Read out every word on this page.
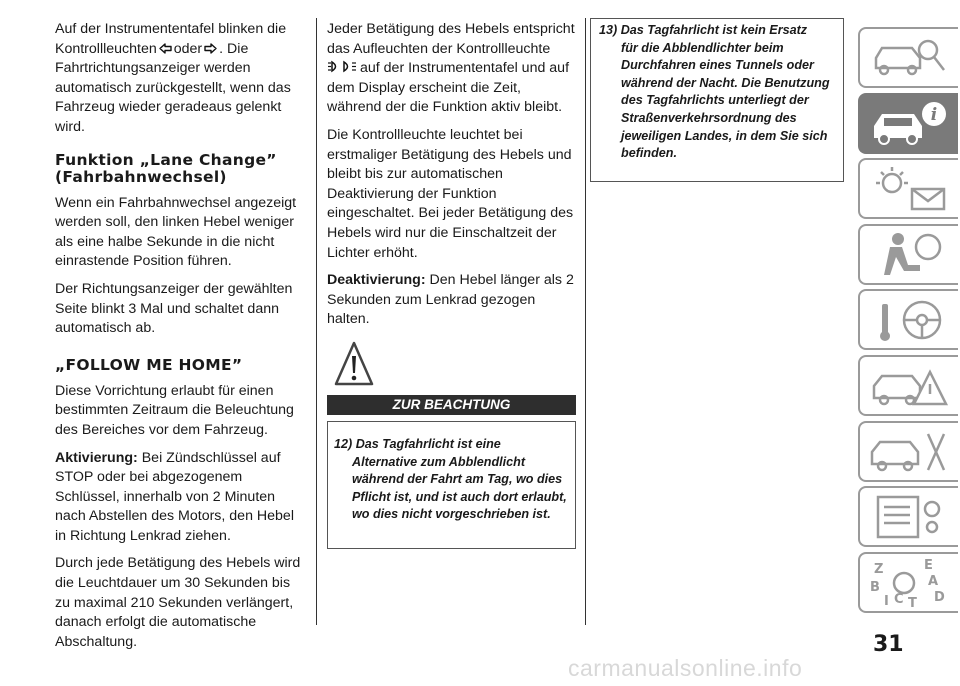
Auf der Instrumententafel blinken die Kontrollleuchten oder . Die Fahrtrichtungsanzeiger werden automatisch zurückgestellt, wenn das Fahrzeug wieder geradeaus gelenkt wird.

Funktion „Lane Change”
(Fahrbahnwechsel)

Wenn ein Fahrbahnwechsel angezeigt werden soll, den linken Hebel weniger als eine halbe Sekunde in die nicht einrastende Position führen.

Der Richtungsanzeiger der gewählten Seite blinkt 3 Mal und schaltet dann automatisch ab.

„FOLLOW ME HOME”

Diese Vorrichtung erlaubt für einen bestimmten Zeitraum die Beleuchtung des Bereiches vor dem Fahrzeug.

Aktivierung: Bei Zündschlüssel auf STOP oder bei abgezogenem Schlüssel, innerhalb von 2 Minuten nach Abstellen des Motors, den Hebel in Richtung Lenkrad ziehen.

Durch jede Betätigung des Hebels wird die Leuchtdauer um 30 Sekunden bis zu maximal 210 Sekunden verlängert, danach erfolgt die automatische Abschaltung.

Jeder Betätigung des Hebels entspricht das Aufleuchten der Kontrollleuchte
auf der Instrumententafel und auf dem Display erscheint die Zeit, während der die Funktion aktiv bleibt.

Die Kontrollleuchte leuchtet bei erstmaliger Betätigung des Hebels und bleibt bis zur automatischen Deaktivierung der Funktion eingeschaltet. Bei jeder Betätigung des Hebels wird nur die Einschaltzeit der Lichter erhöht.

Deaktivierung: Den Hebel länger als 2 Sekunden zum Lenkrad gezogen halten.

ZUR BEACHTUNG
12) Das Tagfahrlicht ist eine
Alternative zum Abblendlicht während der Fahrt am Tag, wo dies Pflicht ist, und ist auch dort erlaubt, wo dies nicht vorgeschrieben ist.
13) Das Tagfahrlicht ist kein Ersatz
für die Abblendlichter beim Durchfahren eines Tunnels oder während der Nacht. Die Benutzung des Tagfahrlichts unterliegt der Straßenverkehrsordnung des jeweiligen Landes, in dem Sie sich befinden.
i
Z	E
A
B
D
I C T
31
carmanualsonline.info
